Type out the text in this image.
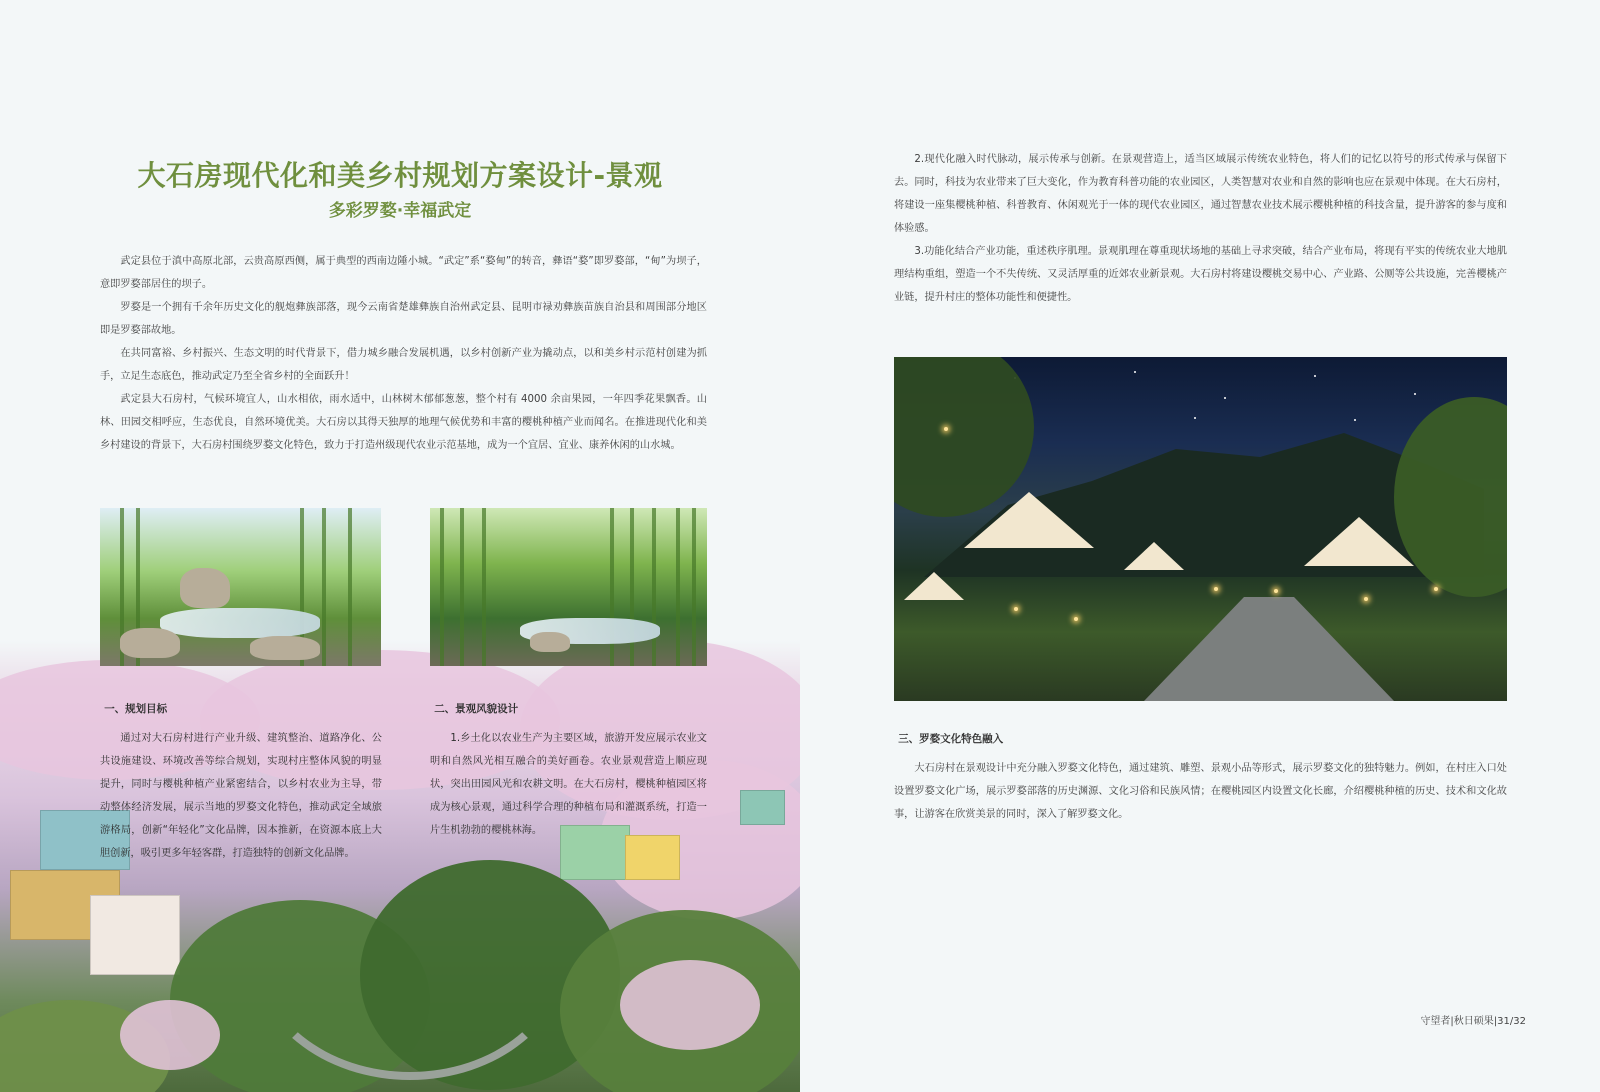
大石房现代化和美乡村规划方案设计-景观
多彩罗婺·幸福武定

武定县位于滇中高原北部，云贵高原西侧，属于典型的西南边陲小城。“武定”系“婺甸”的转音，彝语“婺”即罗婺部，“甸”为坝子，意即罗婺部居住的坝子。

罗婺是一个拥有千余年历史文化的舰炮彝族部落，现今云南省楚雄彝族自治州武定县、昆明市禄劝彝族苗族自治县和周围部分地区即是罗婺部故地。

在共同富裕、乡村振兴、生态文明的时代背景下，借力城乡融合发展机遇，以乡村创新产业为撬动点，以和美乡村示范村创建为抓手，立足生态底色，推动武定乃至全省乡村的全面跃升！

武定县大石房村，气候环境宜人，山水相依，雨水适中，山林树木郁郁葱葱，整个村有 4000 余亩果园，一年四季花果飘香。山林、田园交相呼应，生态优良，自然环境优美。大石房以其得天独厚的地理气候优势和丰富的樱桃种植产业而闻名。在推进现代化和美乡村建设的背景下，大石房村围绕罗婺文化特色，致力于打造州级现代农业示范基地，成为一个宜居、宜业、康养休闲的山水城。

一、规划目标

通过对大石房村进行产业升级、建筑整治、道路净化、公共设施建设、环境改善等综合规划，实现村庄整体风貌的明显提升，同时与樱桃种植产业紧密结合，以乡村农业为主导，带动整体经济发展，展示当地的罗婺文化特色，推动武定全域旅游格局，创新“年轻化”文化品牌，因本推新，在资源本底上大胆创新，吸引更多年轻客群，打造独特的创新文化品牌。

二、景观风貌设计

1.乡土化以农业生产为主要区域，旅游开发应展示农业文明和自然风光相互融合的美好画卷。农业景观营造上顺应现状，突出田园风光和农耕文明。在大石房村，樱桃种植园区将成为核心景观，通过科学合理的种植布局和灌溉系统，打造一片生机勃勃的樱桃林海。

2.现代化融入时代脉动，展示传承与创新。在景观营造上，适当区域展示传统农业特色，将人们的记忆以符号的形式传承与保留下去。同时，科技为农业带来了巨大变化，作为教育科普功能的农业园区，人类智慧对农业和自然的影响也应在景观中体现。在大石房村，将建设一座集樱桃种植、科普教育、休闲观光于一体的现代农业园区，通过智慧农业技术展示樱桃种植的科技含量，提升游客的参与度和体验感。

3.功能化结合产业功能，重述秩序肌理。景观肌理在尊重现状场地的基础上寻求突破，结合产业布局，将现有平实的传统农业大地肌理结构重组，塑造一个不失传统、又灵活厚重的近郊农业新景观。大石房村将建设樱桃交易中心、产业路、公厕等公共设施，完善樱桃产业链，提升村庄的整体功能性和便捷性。

三、罗婺文化特色融入

大石房村在景观设计中充分融入罗婺文化特色，通过建筑、雕塑、景观小品等形式，展示罗婺文化的独特魅力。例如，在村庄入口处设置罗婺文化广场，展示罗婺部落的历史渊源、文化习俗和民族风情；在樱桃园区内设置文化长廊，介绍樱桃种植的历史、技术和文化故事，让游客在欣赏美景的同时，深入了解罗婺文化。

守望者|秋日硕果|31/32
